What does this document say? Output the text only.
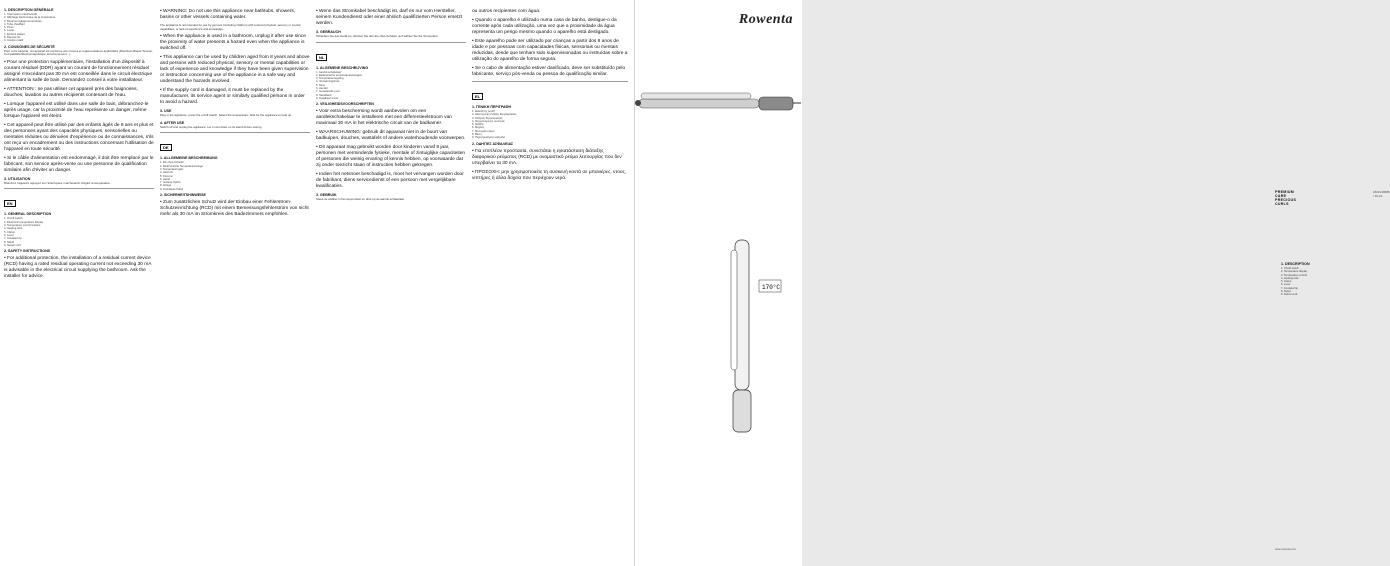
1. DESCRIPTION GÉNÉRALE
1. Interrupteur marche/arrêt
2. Affichage électronique de la température
3. Boutons réglage température
4. Tube chauffant
5. Pince
6. Levier
7. Embout isolant
8. Repose-fer
9. Cordon rotatif
2. CONSIGNES DE SÉCURITÉ
Pour votre sécurité, cet appareil est conforme aux normes et réglementations applicables (Directives Basse Tension, Compatibilité Électromagnétique, Environnement...).
• Pour une protection supplémentaire, l'installation d'un dispositif à courant résiduel (DDR) ayant un courant de fonctionnement résiduel assigné n'excédant pas 30 mA est conseillée dans le circuit électrique alimentant la salle de bain. Demandez conseil à votre installateur.
• ATTENTION : ne pas utiliser cet appareil près des baignoires, douches, lavabos ou autres récipients contenant de l'eau.
• Lorsque l'appareil est utilisé dans une salle de bain, débranchez-le après usage, car la proximité de l'eau représente un danger, même lorsque l'appareil est éteint.
• Cet appareil peut être utilisé par des enfants âgés de 8 ans et plus et des personnes ayant des capacités physiques, sensorielles ou mentales réduites ou dénuées d'expérience ou de connaissances, s'ils ont reçu un encadrement ou des instructions concernant l'utilisation de l'appareil en toute sécurité.
• Si le câble d'alimentation est endommagé, il doit être remplacé par le fabricant, son service après-vente ou une personne de qualification similaire afin d'éviter un danger.
3. UTILISATION
Branchez l'appareil, appuyez sur l'interrupteur marche/arrêt. Réglez la température.
EN
1. GENERAL DESCRIPTION
1. On/off switch
2. Electronic temperature display
3. Temperature control buttons
4. Heating tube
5. Clamp
6. Lever
7. Insulated tip
8. Stand
9. Swivel cord
2. SAFETY INSTRUCTIONS
• For additional protection, the installation of a residual current device (RCD) having a rated residual operating current not exceeding 30 mA is advisable in the electrical circuit supplying the bathroom. Ask the installer for advice.
• WARNING: Do not use this appliance near bathtubs, showers, basins or other vessels containing water.
The appliance is not intended for use by persons (including children) with reduced physical, sensory or mental capabilities, or lack of experience and knowledge.
• When the appliance is used in a bathroom, unplug it after use since the proximity of water presents a hazard even when the appliance is switched off.
• This appliance can be used by children aged from 8 years and above and persons with reduced physical, sensory or mental capabilities or lack of experience and knowledge if they have been given supervision or instruction concerning use of the appliance in a safe way and understand the hazards involved.
• If the supply cord is damaged, it must be replaced by the manufacturer, its service agent or similarly qualified persons in order to avoid a hazard.
3. USE
Plug in the appliance, press the on/off switch. Select the temperature. Wait for the appliance to heat up.
4. AFTER USE
Switch off and unplug the appliance. Let it cool down on its stand before storing.
DE
1. ALLGEMEINE BESCHREIBUNG
1. Ein-/Aus-Schalter
2. Elektronische Temperaturanzeige
3. Temperaturregler
4. Heizrohr
5. Klemme
6. Hebel
7. Isolierte Spitze
8. Ablage
9. Drehbares Kabel
2. SICHERHEITSHINWEISE
• Zum zusätzlichen Schutz wird der Einbau einer Fehlerstrom-Schutzeinrichtung (RCD) mit einem Bemessungsfehlerstrom von nicht mehr als 30 mA im Stromkreis des Badezimmers empfohlen.
• Wenn das Stromkabel beschädigt ist, darf es nur vom Hersteller, seinem Kundendienst oder einer ähnlich qualifizierten Person ersetzt werden.
3. GEBRAUCH
Schließen Sie das Gerät an, drücken Sie den Ein-/Aus-Schalter und wählen Sie die Temperatur.
NL
1. ALGEMENE BESCHRIJVING
1. Aan/uit-schakelaar
2. Elektronische temperatuurweergave
3. Temperatuurregeling
4. Verwarmingsbuis
5. Klem
6. Hendel
7. Geïsoleerde punt
8. Standaard
9. Draaibaar snoer
2. VEILIGHEIDSVOORSCHRIFTEN
• Voor extra bescherming wordt aanbevolen om een aardlekschakelaar te installeren met een differentieelstroom van maximaal 30 mA in het elektrische circuit van de badkamer.
• WAARSCHUWING: gebruik dit apparaat niet in de buurt van badkuipen, douches, wastafels of andere waterhoudende voorwerpen.
• Dit apparaat mag gebruikt worden door kinderen vanaf 8 jaar, personen met verminderde fysieke, mentale of zintuiglijke capaciteiten of personen die weinig ervaring of kennis hebben, op voorwaarde dat zij onder toezicht staan of instructies hebben gekregen.
• Indien het netsnoer beschadigd is, moet het vervangen worden door de fabrikant, diens servicedienst of een persoon met vergelijkbare kwalificaties.
3. GEBRUIK
Steek de stekker in het stopcontact en druk op de aan/uit-schakelaar.
ou outros recipientes com água.
• Quando o aparelho é utilizado numa casa de banho, desligue-o da corrente após cada utilização, uma vez que a proximidade da água representa um perigo mesmo quando o aparelho está desligado.
• Este aparelho pode ser utilizado por crianças a partir dos 8 anos de idade e por pessoas com capacidades físicas, sensoriais ou mentais reduzidas, desde que tenham sido supervisionadas ou instruídas sobre a utilização do aparelho de forma segura.
• Se o cabo de alimentação estiver danificado, deve ser substituído pelo fabricante, serviço pós-venda ou pessoa de qualificação similar.
EL
1. ΓΕΝΙΚΗ ΠΕΡΙΓΡΑΦΗ
1. Διακόπτης on/off
2. Ηλεκτρονική ένδειξη θερμοκρασίας
3. Ρύθμιση θερμοκρασίας
4. Θερμαινόμενος σωλήνας
5. Λαβίδα
6. Μοχλός
7. Μονωμένο άκρο
8. Βάση
9. Περιστρεφόμενο καλώδιο
2. ΟΔΗΓΙΕΣ ΑΣΦΑΛΕΙΑΣ
• Για επιπλέον προστασία, συνιστάται η εγκατάσταση διάταξης διαφορικού ρεύματος (RCD) με ονομαστικό ρεύμα λειτουργίας που δεν υπερβαίνει τα 30 mA.
• ΠΡΟΣΟΧΗ: μην χρησιμοποιείτε τη συσκευή κοντά σε μπανιέρες, ντους, νιπτήρες ή άλλα δοχεία που περιέχουν νερό.
Rowenta
PREMIUM CARE PRECIOUS CURLS
1800138888 / 30-22
170°C
1. DESCRIPTION
1. On/off switch
2. Temperature display
3. Temperature control
4. Heating tube
5. Clamp
6. Lever
7. Insulated tip
8. Stand
9. Swivel cord
www.rowenta.com
